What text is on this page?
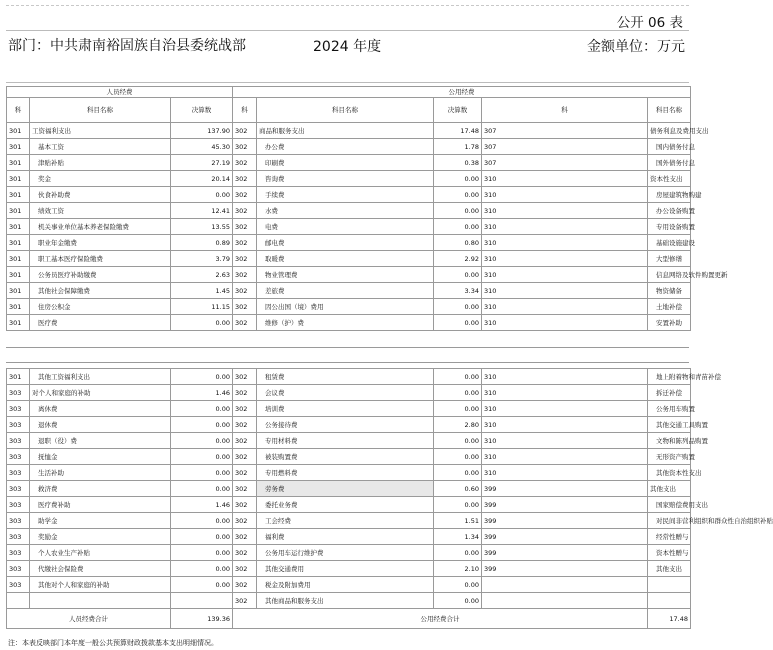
公开 06 表
部门：中共肃南裕固族自治县委统战部	2024 年度	金额单位：万元
人员经费			公用经费					
科	科目名称	决算数	科	科目名称	决算数	科	科目名称	
301	工资福利支出	137.90	302	商品和服务支出	17.48	307	债务利息及费用支出	
301	基本工资	45.30	302	办公费	1.78	307	国内债务付息	
301	津贴补贴	27.19	302	印刷费	0.38	307	国外债务付息	
301	奖金	20.14	302	咨询费	0.00	310	资本性支出	
301	伙食补助费	0.00	302	手续费	0.00	310	房屋建筑物购建	
301	绩效工资	12.41	302	水费	0.00	310	办公设备购置	
301	机关事业单位基本养老保险缴费	13.55	302	电费	0.00	310	专用设备购置	
301	职业年金缴费	0.89	302	邮电费	0.80	310	基础设施建设	
301	职工基本医疗保险缴费	3.79	302	取暖费	2.92	310	大型修缮	
301	公务员医疗补助缴费	2.63	302	物业管理费	0.00	310	信息网络及软件购置更新	
301	其他社会保障缴费	1.45	302	差旅费	3.34	310	物资储备	
301	住房公积金	11.15	302	因公出国（境）费用	0.00	310	土地补偿	
301	医疗费	0.00	302	维修（护）费	0.00	310	安置补助	
301	其他工资福利支出	0.00	302	租赁费	0.00	310	地上附着物和青苗补偿	
303	对个人和家庭的补助	1.46	302	会议费	0.00	310	拆迁补偿	
303	离休费	0.00	302	培训费	0.00	310	公务用车购置	
303	退休费	0.00	302	公务接待费	2.80	310	其他交通工具购置	
303	退职（役）费	0.00	302	专用材料费	0.00	310	文物和陈列品购置	
303	抚恤金	0.00	302	被装购置费	0.00	310	无形资产购置	
303	生活补助	0.00	302	专用燃料费	0.00	310	其他资本性支出	
303	救济费	0.00	302	劳务费	0.60	399	其他支出	
303	医疗费补助	1.46	302	委托业务费	0.00	399	国家赔偿费用支出	
303	助学金	0.00	302	工会经费	1.51	399	对民间非营利组织和群众性自治组织补贴	
303	奖励金	0.00	302	福利费	1.34	399	经常性赠与	
303	个人农业生产补贴	0.00	302	公务用车运行维护费	0.00	399	资本性赠与	
303	代缴社会保险费	0.00	302	其他交通费用	2.10	399	其他支出	
303	其他对个人和家庭的补助	0.00	302	税金及附加费用	0.00			
			302	其他商品和服务支出	0.00			
人员经费合计		139.36	公用经费合计				17.48	
注：本表反映部门本年度一般公共预算财政拨款基本支出明细情况。
